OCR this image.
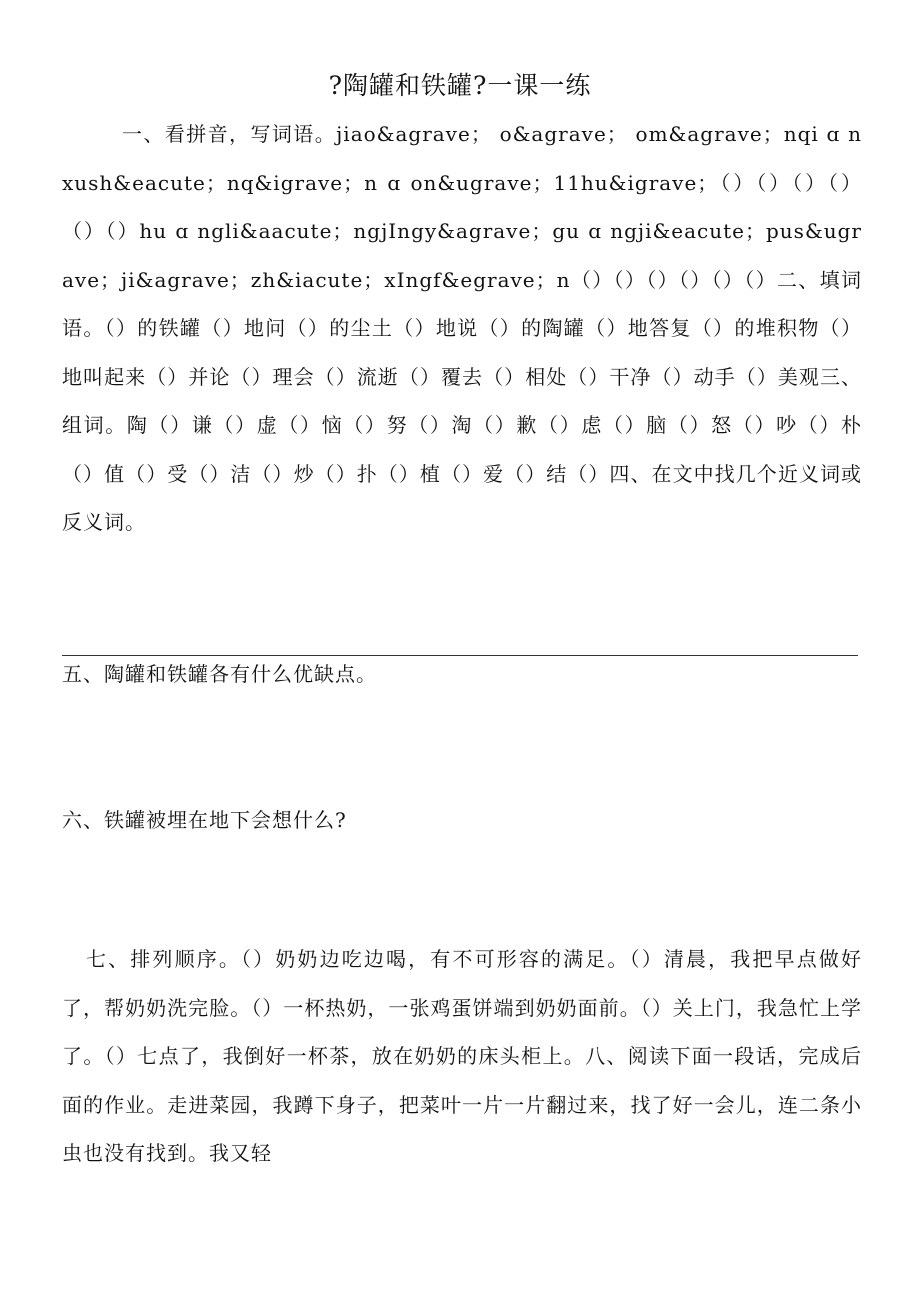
?陶罐和铁罐?一课一练

一、看拼音，写词语。jiao&agrave； o&agrave； om&agrave；nqi ɑ nxush&eacute；nq&igrave；n ɑ on&ugrave；11hu&igrave；（）（）（）（）（）（）hu ɑ ngli&aacute；ngjIngy&agrave；gu ɑ ngji&eacute；pus&ugrave；ji&agrave；zh&iacute；xIngf&egrave；n（）（）（）（）（）（）二、填词语。（）的铁罐（）地问（）的尘土（）地说（）的陶罐（）地答复（）的堆积物（）地叫起来（）并论（）理会（）流逝（）覆去（）相处（）干净（）动手（）美观三、组词。陶（）谦（）虚（）恼（）努（）淘（）歉（）虑（）脑（）怒（）吵（）朴（）值（）受（）洁（）炒（）扑（）植（）爱（）结（）四、在文中找几个近义词或反义词。

五、陶罐和铁罐各有什么优缺点。

六、铁罐被埋在地下会想什么?

七、排列顺序。（）奶奶边吃边喝，有不可形容的满足。（）清晨，我把早点做好了，帮奶奶洗完脸。（）一杯热奶，一张鸡蛋饼端到奶奶面前。（）关上门，我急忙上学了。（）七点了，我倒好一杯茶，放在奶奶的床头柜上。八、阅读下面一段话，完成后面的作业。走进菜园，我蹲下身子，把菜叶一片一片翻过来，找了好一会儿，连二条小虫也没有找到。我又轻
